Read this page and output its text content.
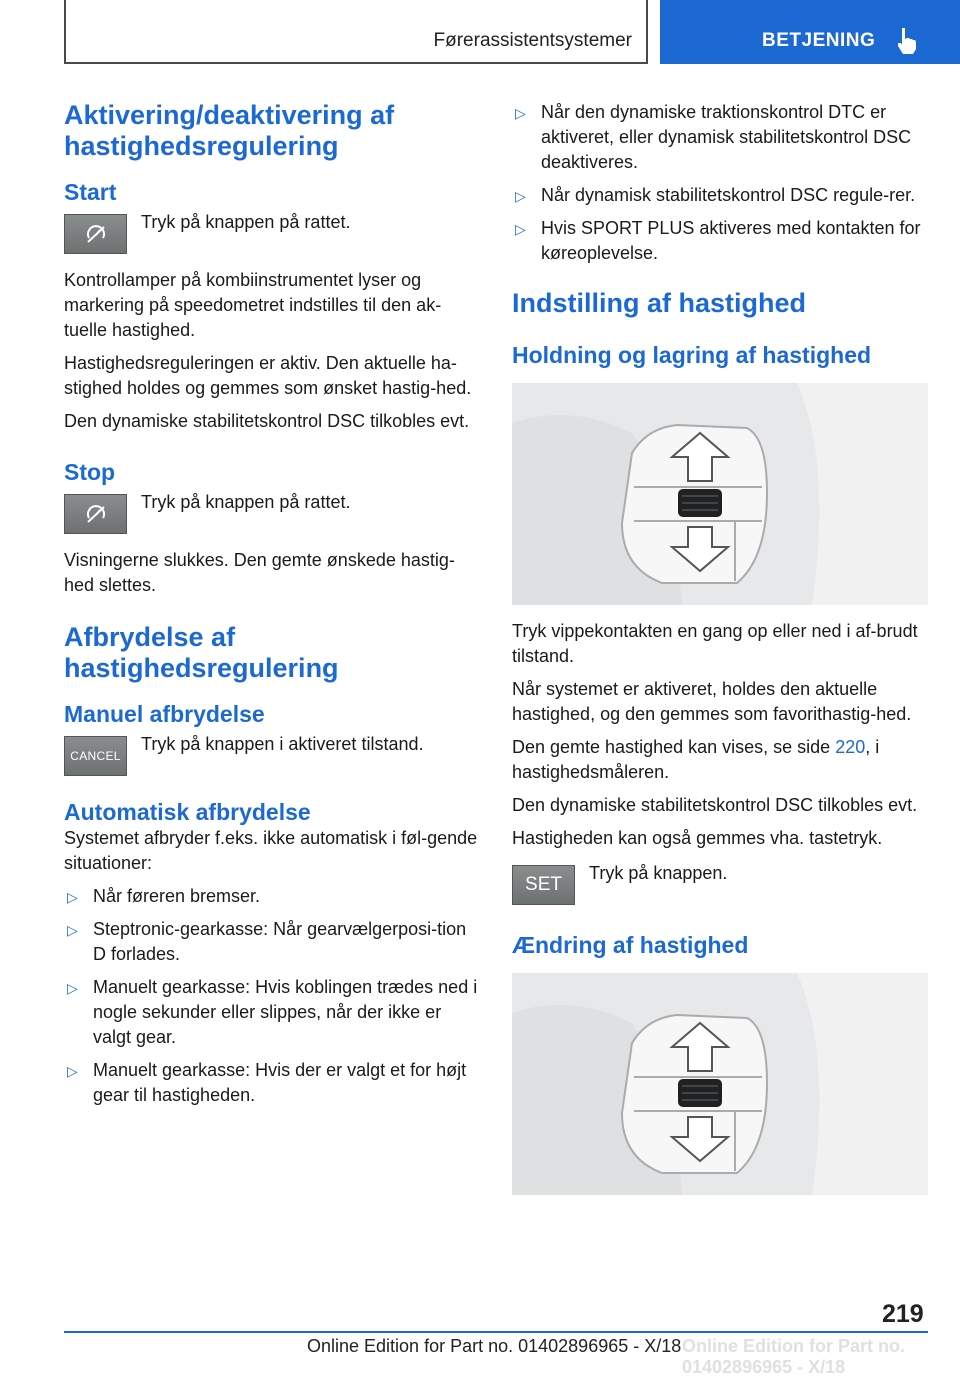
Førerassistentsystemer	BETJENING
Aktivering/deaktivering af hastighedsregulering
Start
Tryk på knappen på rattet.

Kontrollamper på kombiinstrumentet lyser og markering på speedometret indstilles til den ak-tuelle hastighed.

Hastighedsreguleringen er aktiv. Den aktuelle ha-stighed holdes og gemmes som ønsket hastig-hed.

Den dynamiske stabilitetskontrol DSC tilkobles evt.

Stop
Tryk på knappen på rattet.

Visningerne slukkes. Den gemte ønskede hastig-hed slettes.

Afbrydelse af hastighedsregulering
Manuel afbrydelse
CANCEL
Tryk på knappen i aktiveret tilstand.
Automatisk afbrydelse

Systemet afbryder f.eks. ikke automatisk i føl-gende situationer:

▷ Når føreren bremser.
▷ Steptronic-gearkasse: Når gearvælgerposi-tion D forlades.
▷ Manuelt gearkasse: Hvis koblingen trædes ned i nogle sekunder eller slippes, når der ikke er valgt gear.
▷ Manuelt gearkasse: Hvis der er valgt et for højt gear til hastigheden.
▷ Når den dynamiske traktionskontrol DTC er aktiveret, eller dynamisk stabilitetskontrol DSC deaktiveres.
▷ Når dynamisk stabilitetskontrol DSC regule-rer.
▷ Hvis SPORT PLUS aktiveres med kontakten for køreoplevelse.
Indstilling af hastighed
Holdning og lagring af hastighed

Tryk vippekontakten en gang op eller ned i af-brudt tilstand.

Når systemet er aktiveret, holdes den aktuelle hastighed, og den gemmes som favorithastig-hed.

Den gemte hastighed kan vises, se side 220, i hastighedsmåleren.

Den dynamiske stabilitetskontrol DSC tilkobles evt.

Hastigheden kan også gemmes vha. tastetryk.

SET
Tryk på knappen.
Ændring af hastighed
219
Online Edition for Part no. 01402896965 - X/18 Online Edition for Part no. 01402896965 - X/18
